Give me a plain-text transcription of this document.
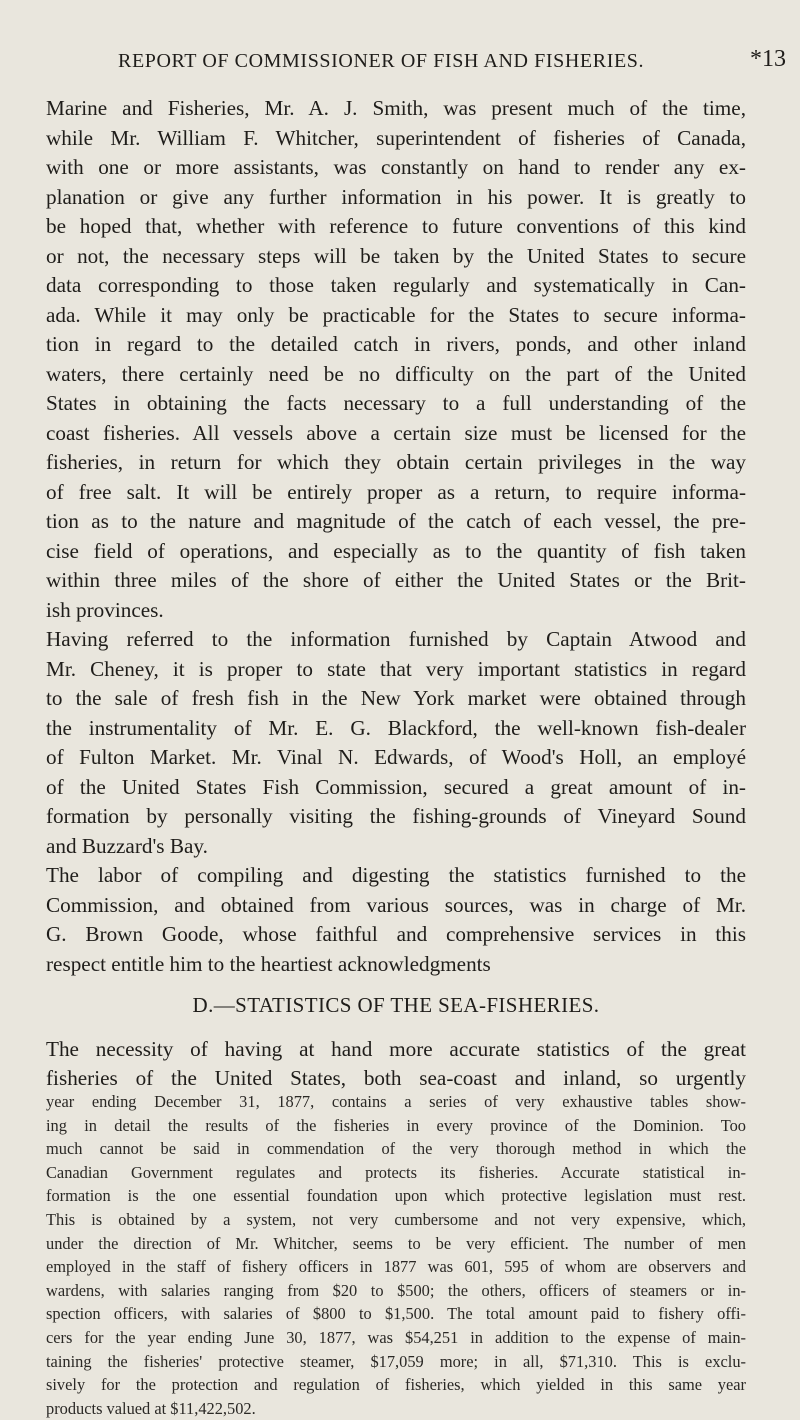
REPORT OF COMMISSIONER OF FISH AND FISHERIES.	*13
Marine and Fisheries, Mr. A. J. Smith, was present much of the time,
while Mr. William F. Whitcher, superintendent of fisheries of Canada,
with one or more assistants, was constantly on hand to render any ex-
planation or give any further information in his power. It is greatly to
be hoped that, whether with reference to future conventions of this kind
or not, the necessary steps will be taken by the United States to secure
data corresponding to those taken regularly and systematically in Can-
ada. While it may only be practicable for the States to secure informa-
tion in regard to the detailed catch in rivers, ponds, and other inland
waters, there certainly need be no difficulty on the part of the United
States in obtaining the facts necessary to a full understanding of the
coast fisheries. All vessels above a certain size must be licensed for the
fisheries, in return for which they obtain certain privileges in the way
of free salt. It will be entirely proper as a return, to require informa-
tion as to the nature and magnitude of the catch of each vessel, the pre-
cise field of operations, and especially as to the quantity of fish taken
within three miles of the shore of either the United States or the Brit-
ish provinces.
Having referred to the information furnished by Captain Atwood and
Mr. Cheney, it is proper to state that very important statistics in regard
to the sale of fresh fish in the New York market were obtained through
the instrumentality of Mr. E. G. Blackford, the well-known fish-dealer
of Fulton Market. Mr. Vinal N. Edwards, of Wood's Holl, an employé
of the United States Fish Commission, secured a great amount of in-
formation by personally visiting the fishing-grounds of Vineyard Sound
and Buzzard's Bay.
The labor of compiling and digesting the statistics furnished to the
Commission, and obtained from various sources, was in charge of Mr.
G. Brown Goode, whose faithful and comprehensive services in this
respect entitle him to the heartiest acknowledgments
D.—STATISTICS OF THE SEA-FISHERIES.
The necessity of having at hand more accurate statistics of the great
fisheries of the United States, both sea-coast and inland, so urgently
year ending December 31, 1877, contains a series of very exhaustive tables show-
ing in detail the results of the fisheries in every province of the Dominion. Too
much cannot be said in commendation of the very thorough method in which the
Canadian Government regulates and protects its fisheries. Accurate statistical in-
formation is the one essential foundation upon which protective legislation must rest.
This is obtained by a system, not very cumbersome and not very expensive, which,
under the direction of Mr. Whitcher, seems to be very efficient. The number of men
employed in the staff of fishery officers in 1877 was 601, 595 of whom are observers and
wardens, with salaries ranging from $20 to $500; the others, officers of steamers or in-
spection officers, with salaries of $800 to $1,500. The total amount paid to fishery offi-
cers for the year ending June 30, 1877, was $54,251 in addition to the expense of main-
taining the fisheries' protective steamer, $17,059 more; in all, $71,310. This is exclu-
sively for the protection and regulation of fisheries, which yielded in this same year
products valued at $11,422,502.
